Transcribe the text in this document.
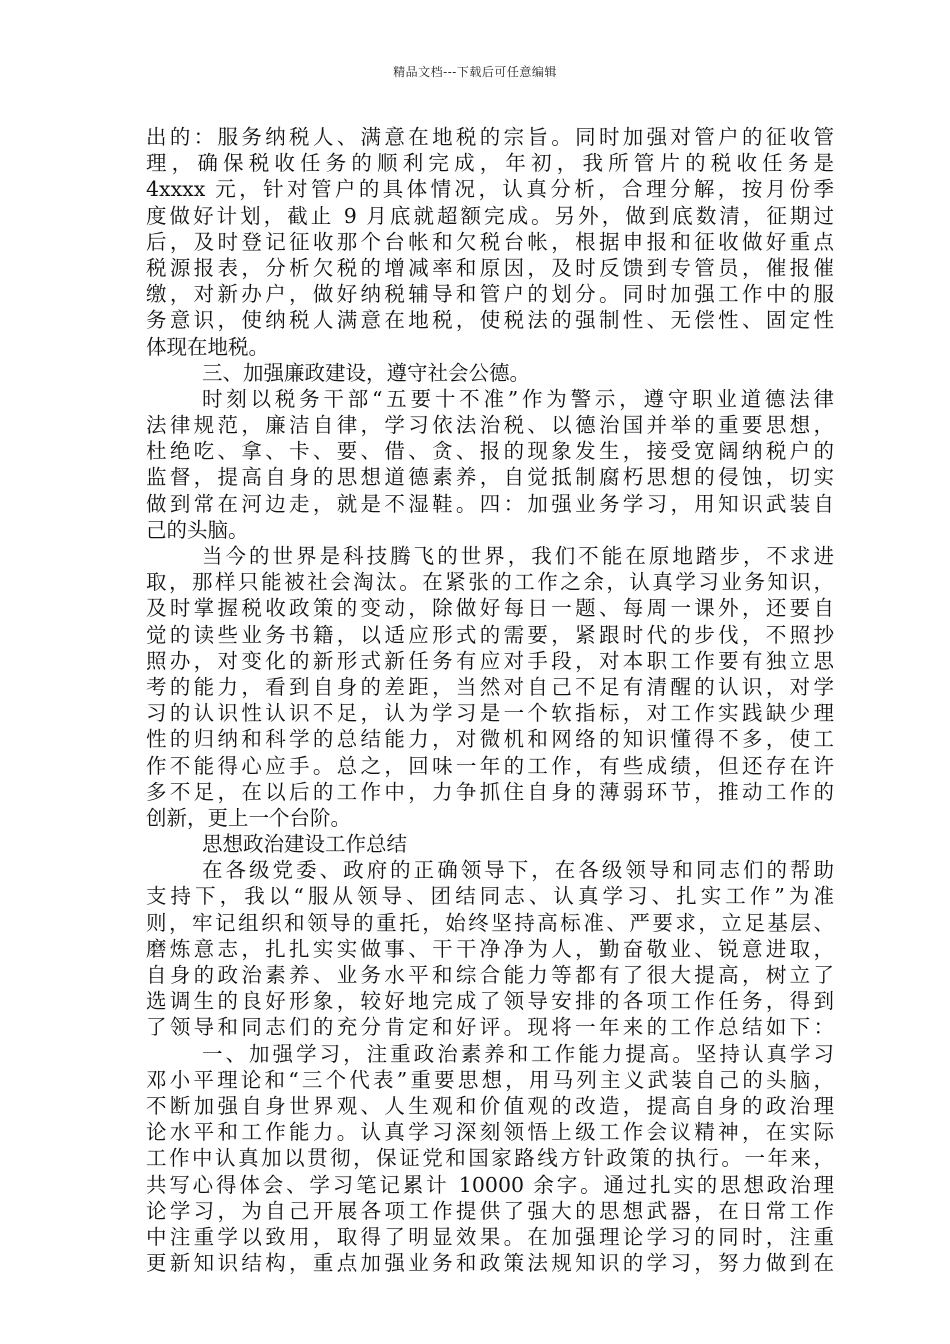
精品文档---下载后可任意编辑
出的：服务纳税人、满意在地税的宗旨。同时加强对管户的征收管
理，确保税收任务的顺利完成，年初，我所管片的税收任务是
4xxxx 元，针对管户的具体情况，认真分析，合理分解，按月份季
度做好计划，截止 9 月底就超额完成。另外，做到底数清，征期过
后，及时登记征收那个台帐和欠税台帐，根据申报和征收做好重点
税源报表，分析欠税的增减率和原因，及时反馈到专管员，催报催
缴，对新办户，做好纳税辅导和管户的划分。同时加强工作中的服
务意识，使纳税人满意在地税，使税法的强制性、无偿性、固定性
体现在地税。
三、加强廉政建设，遵守社会公德。
时刻以税务干部“五要十不准”作为警示，遵守职业道德法律
法律规范，廉洁自律，学习依法治税、以德治国并举的重要思想，
杜绝吃、拿、卡、要、借、贪、报的现象发生，接受宽阔纳税户的
监督，提高自身的思想道德素养，自觉抵制腐朽思想的侵蚀，切实
做到常在河边走，就是不湿鞋。四：加强业务学习，用知识武装自
己的头脑。
当今的世界是科技腾飞的世界，我们不能在原地踏步，不求进
取，那样只能被社会淘汰。在紧张的工作之余，认真学习业务知识，
及时掌握税收政策的变动，除做好每日一题、每周一课外，还要自
觉的读些业务书籍，以适应形式的需要，紧跟时代的步伐，不照抄
照办，对变化的新形式新任务有应对手段，对本职工作要有独立思
考的能力，看到自身的差距，当然对自己不足有清醒的认识，对学
习的认识性认识不足，认为学习是一个软指标，对工作实践缺少理
性的归纳和科学的总结能力，对微机和网络的知识懂得不多，使工
作不能得心应手。总之，回味一年的工作，有些成绩，但还存在许
多不足，在以后的工作中，力争抓住自身的薄弱环节，推动工作的
创新，更上一个台阶。
思想政治建设工作总结
在各级党委、政府的正确领导下，在各级领导和同志们的帮助
支持下，我以“服从领导、团结同志、认真学习、扎实工作”为准
则，牢记组织和领导的重托，始终坚持高标准、严要求，立足基层、
磨炼意志，扎扎实实做事、干干净净为人，勤奋敬业、锐意进取，
自身的政治素养、业务水平和综合能力等都有了很大提高，树立了
选调生的良好形象，较好地完成了领导安排的各项工作任务，得到
了领导和同志们的充分肯定和好评。现将一年来的工作总结如下：
一、加强学习，注重政治素养和工作能力提高。坚持认真学习
邓小平理论和“三个代表”重要思想，用马列主义武装自己的头脑，
不断加强自身世界观、人生观和价值观的改造，提高自身的政治理
论水平和工作能力。认真学习深刻领悟上级工作会议精神，在实际
工作中认真加以贯彻，保证党和国家路线方针政策的执行。一年来，
共写心得体会、学习笔记累计 10000 余字。通过扎实的思想政治理
论学习，为自己开展各项工作提供了强大的思想武器，在日常工作
中注重学以致用，取得了明显效果。在加强理论学习的同时，注重
更新知识结构，重点加强业务和政策法规知识的学习，努力做到在
